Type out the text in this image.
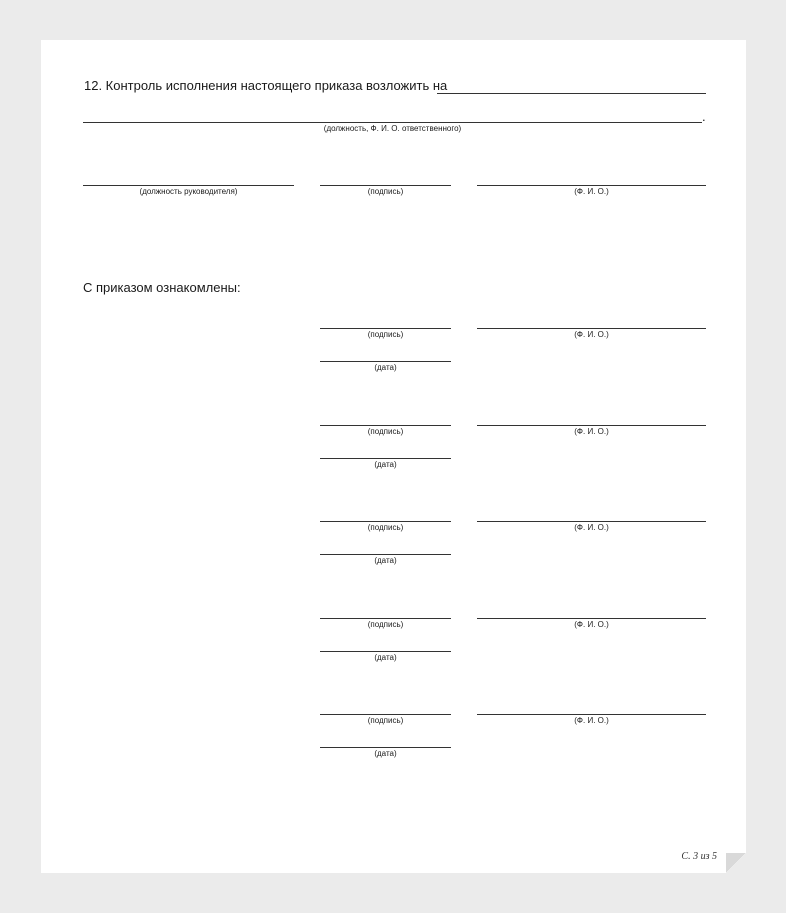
12. Контроль исполнения настоящего приказа возложить на
.
(должность, Ф. И. О. ответственного)
(должность руководителя)	(подпись)	(Ф. И. О.)
С приказом ознакомлены:
(подпись)	(Ф. И. О.)
(дата)
(подпись)	(Ф. И. О.)
(дата)
(подпись)	(Ф. И. О.)
(дата)
(подпись)	(Ф. И. О.)
(дата)
(подпись)	(Ф. И. О.)
(дата)
С. 3 из 5
